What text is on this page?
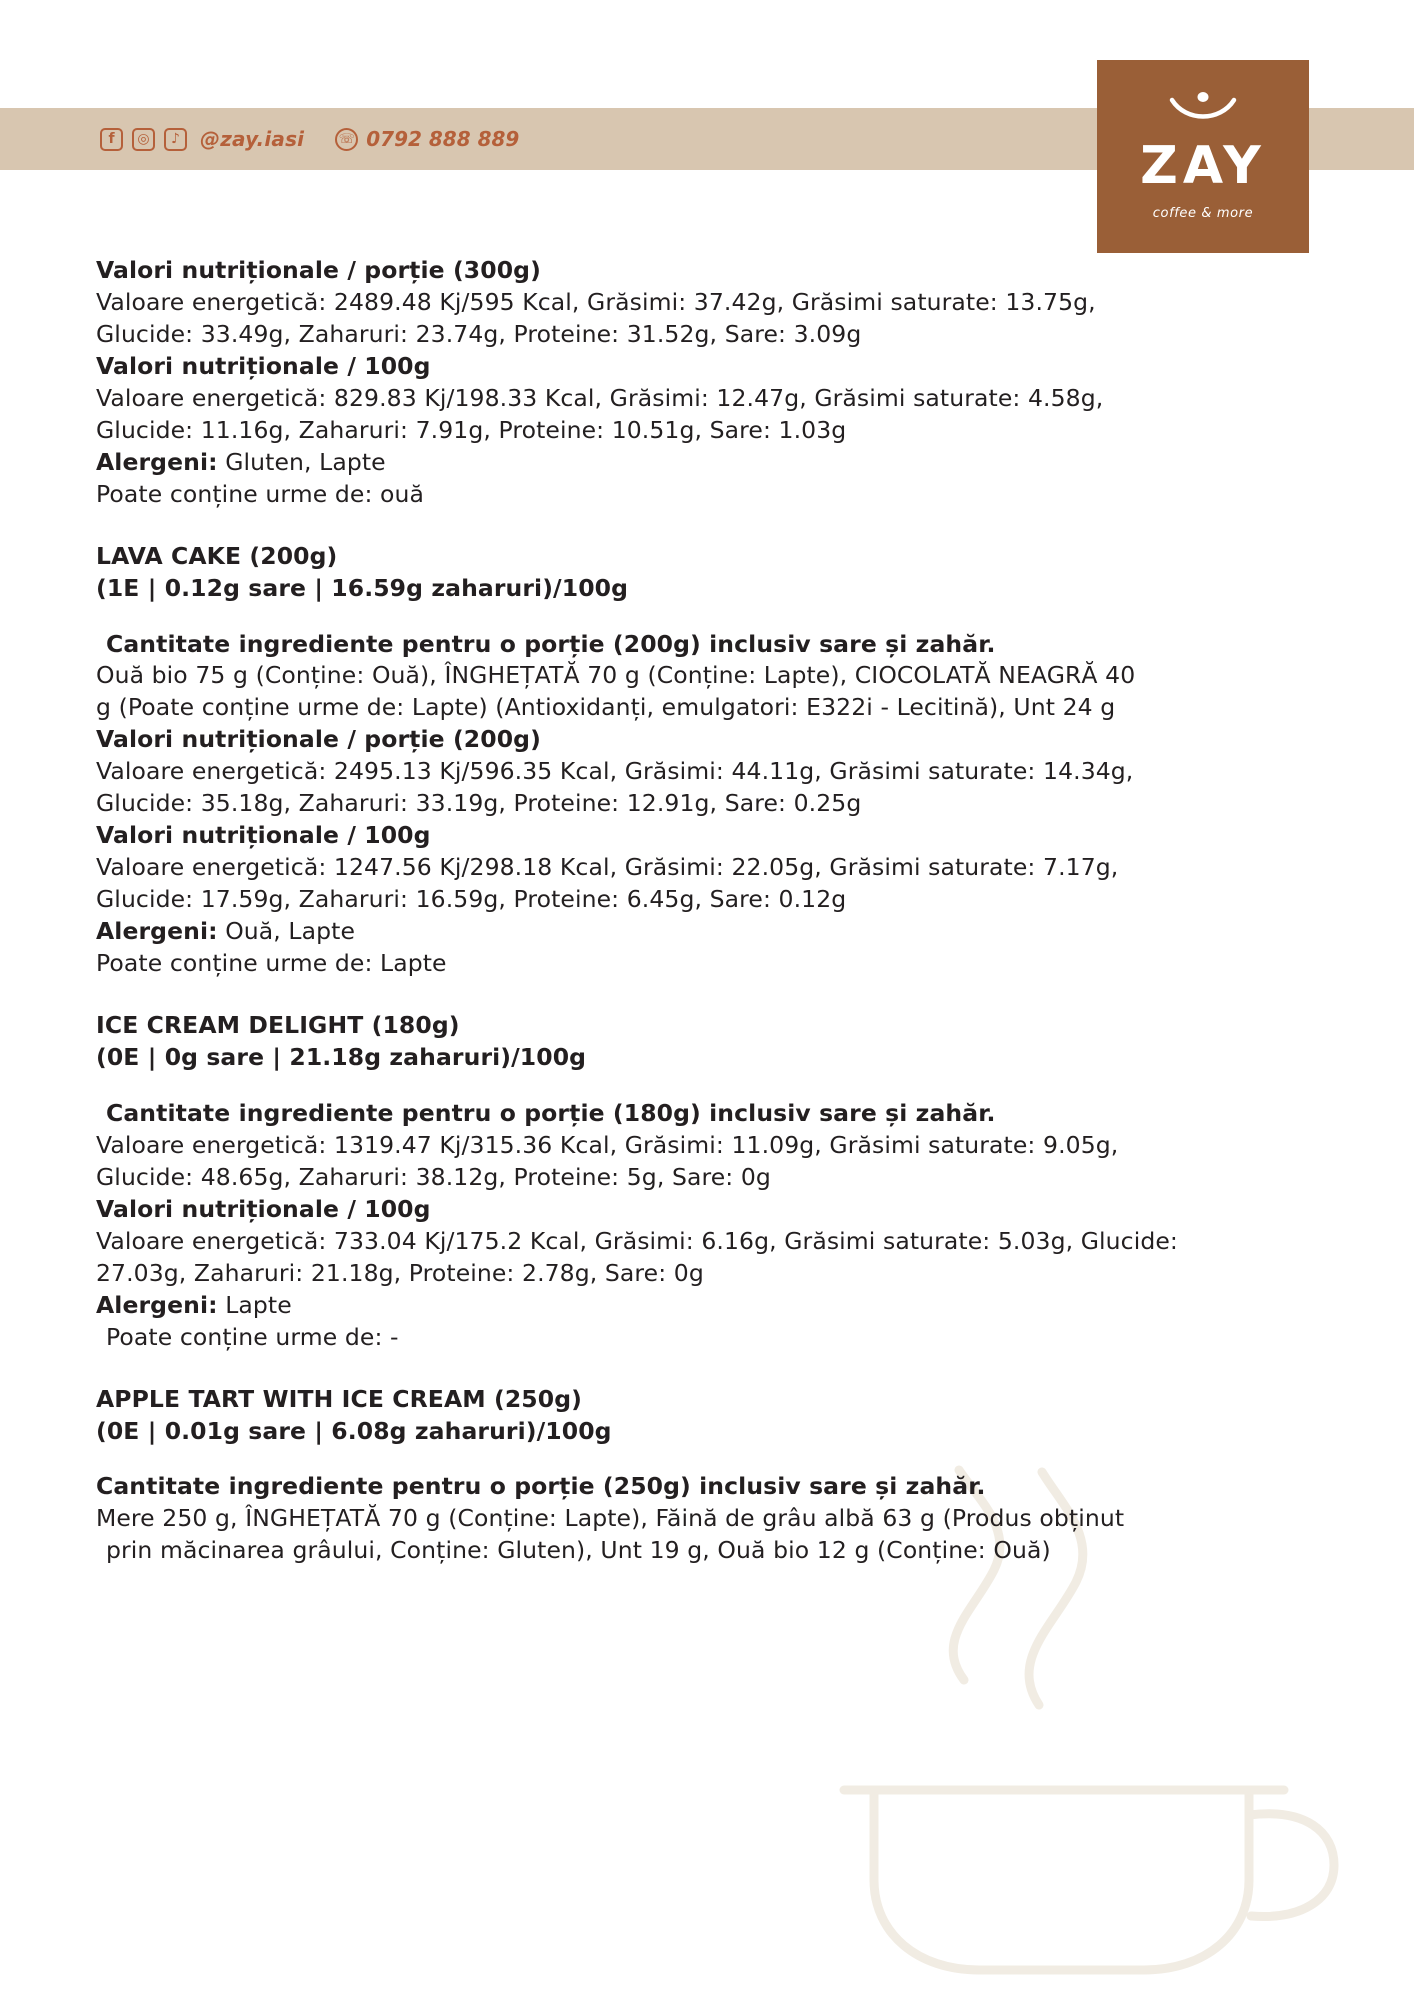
f	◎	♪	@zay.iasi	☏ 0792 888 889	ZAY
coffee & more

Valori nutriționale / porție (300g)

Valoare energetică: 2489.48 Kj/595 Kcal, Grăsimi: 37.42g, Grăsimi saturate: 13.75g,

Glucide: 33.49g, Zaharuri: 23.74g, Proteine: 31.52g, Sare: 3.09g

Valori nutriționale / 100g

Valoare energetică: 829.83 Kj/198.33 Kcal, Grăsimi: 12.47g, Grăsimi saturate: 4.58g,

Glucide: 11.16g, Zaharuri: 7.91g, Proteine: 10.51g, Sare: 1.03g

Alergeni: Gluten, Lapte

Poate conține urme de: ouă

LAVA CAKE (200g)

(1E | 0.12g sare | 16.59g zaharuri)/100g

Cantitate ingrediente pentru o porție (200g) inclusiv sare și zahăr.

Ouă bio 75 g (Conține: Ouă), ÎNGHEȚATĂ 70 g (Conține: Lapte), CIOCOLATĂ NEAGRĂ 40

g (Poate conține urme de: Lapte) (Antioxidanți, emulgatori: E322i - Lecitină), Unt 24 g

Valori nutriționale / porție (200g)

Valoare energetică: 2495.13 Kj/596.35 Kcal, Grăsimi: 44.11g, Grăsimi saturate: 14.34g,

Glucide: 35.18g, Zaharuri: 33.19g, Proteine: 12.91g, Sare: 0.25g

Valori nutriționale / 100g

Valoare energetică: 1247.56 Kj/298.18 Kcal, Grăsimi: 22.05g, Grăsimi saturate: 7.17g,

Glucide: 17.59g, Zaharuri: 16.59g, Proteine: 6.45g, Sare: 0.12g

Alergeni: Ouă, Lapte

Poate conține urme de: Lapte

ICE CREAM DELIGHT (180g)

(0E | 0g sare | 21.18g zaharuri)/100g

Cantitate ingrediente pentru o porție (180g) inclusiv sare și zahăr.

Valoare energetică: 1319.47 Kj/315.36 Kcal, Grăsimi: 11.09g, Grăsimi saturate: 9.05g,

Glucide: 48.65g, Zaharuri: 38.12g, Proteine: 5g, Sare: 0g

Valori nutriționale / 100g

Valoare energetică: 733.04 Kj/175.2 Kcal, Grăsimi: 6.16g, Grăsimi saturate: 5.03g, Glucide:

27.03g, Zaharuri: 21.18g, Proteine: 2.78g, Sare: 0g

Alergeni: Lapte

Poate conține urme de: -

APPLE TART WITH ICE CREAM (250g)

(0E | 0.01g sare | 6.08g zaharuri)/100g

Cantitate ingrediente pentru o porție (250g) inclusiv sare și zahăr.

Mere 250 g, ÎNGHEȚATĂ 70 g (Conține: Lapte), Făină de grâu albă 63 g (Produs obținut

prin măcinarea grâului, Conține: Gluten), Unt 19 g, Ouă bio 12 g (Conține: Ouă)
